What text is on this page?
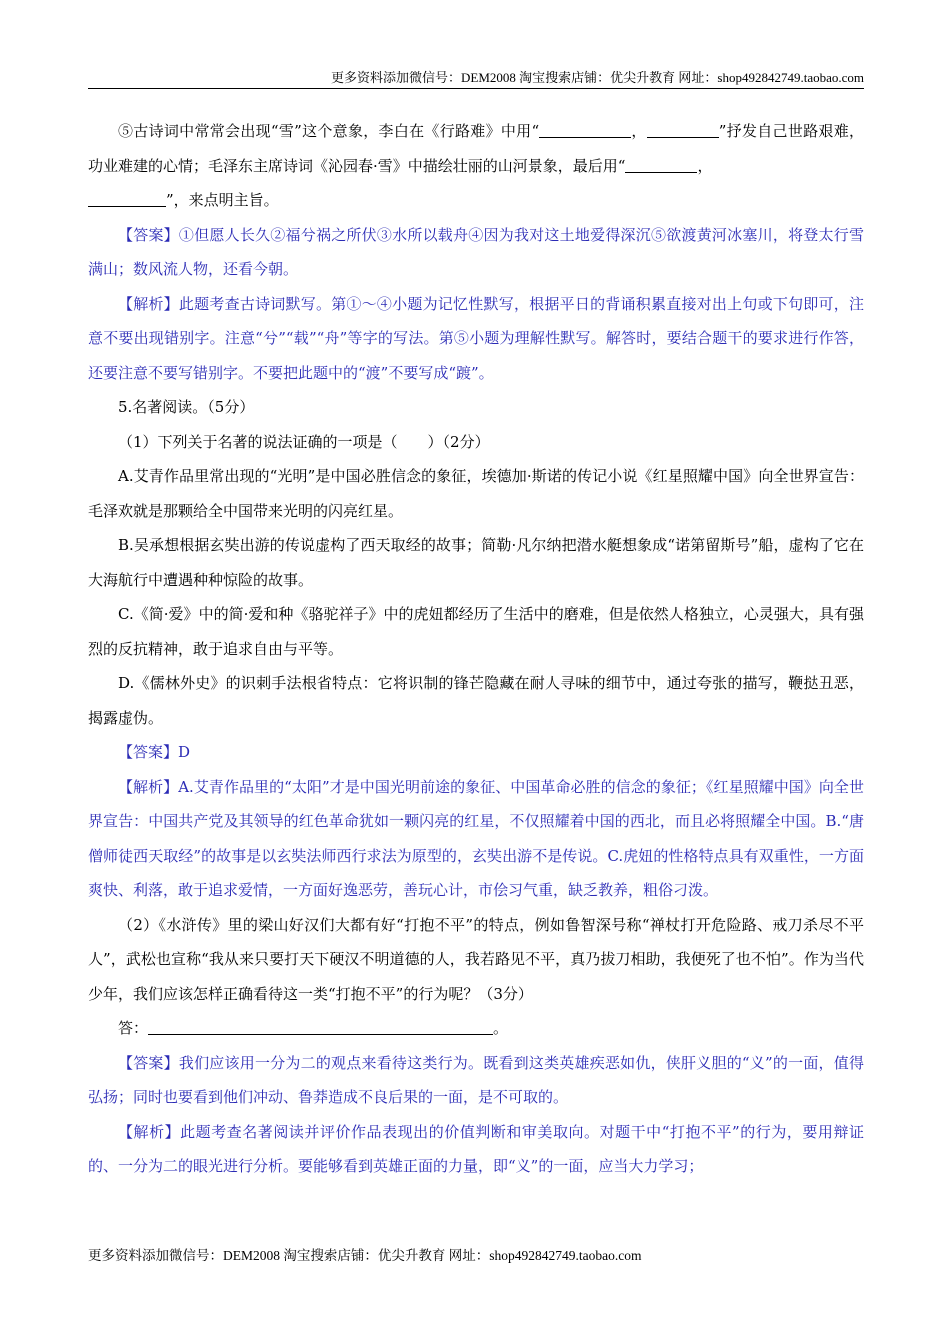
更多资料添加微信号：DEM2008 淘宝搜索店铺：优尖升教育 网址：shop492842749.taobao.com

⑤古诗词中常常会出现“雪”这个意象，李白在《行路难》中用“	，	”抒发自己世路艰难，功业难建的心情；毛泽东主席诗词《沁园春·雪》中描绘壮丽的山河景象，最后用“	，
”，来点明主旨。

【答案】①但愿人长久②福兮祸之所伏③水所以载舟④因为我对这土地爱得深沉⑤欲渡黄河冰塞川，将登太行雪满山；数风流人物，还看今朝。

【解析】此题考查古诗词默写。第①～④小题为记忆性默写，根据平日的背诵积累直接对出上句或下句即可，注意不要出现错别字。注意“兮”“载”“舟”等字的写法。第⑤小题为理解性默写。解答时，要结合题干的要求进行作答，还要注意不要写错别字。不要把此题中的“渡”不要写成“踱”。

5.名著阅读。（5分）

（1）下列关于名著的说法证确的一项是（　　）（2分）

A.艾青作品里常出现的“光明”是中国必胜信念的象征，埃德加·斯诺的传记小说《红星照耀中国》向全世界宣告：毛泽欢就是那颗给全中国带来光明的闪亮红星。

B.吴承想根据玄奘出游的传说虚构了西天取经的故事；简勒·凡尔纳把潜水艇想象成“诺第留斯号”船，虚构了它在大海航行中遭遇种种惊险的故事。

C.《简·爱》中的简·爱和种《骆驼祥子》中的虎妞都经历了生活中的磨难，但是依然人格独立，心灵强大，具有强烈的反抗精神，敢于追求自由与平等。

D.《儒林外史》的识刺手法根省特点：它将识制的锋芒隐藏在耐人寻味的细节中，通过夸张的描写，鞭挞丑恶，揭露虚伪。

【答案】D

【解析】A.艾青作品里的“太阳”才是中国光明前途的象征、中国革命必胜的信念的象征；《红星照耀中国》向全世界宣告：中国共产党及其领导的红色革命犹如一颗闪亮的红星，不仅照耀着中国的西北，而且必将照耀全中国。B.“唐僧师徒西天取经”的故事是以玄奘法师西行求法为原型的，玄奘出游不是传说。C.虎妞的性格特点具有双重性，一方面爽快、利落，敢于追求爱情，一方面好逸恶劳，善玩心计，市侩习气重，缺乏教养，粗俗刁泼。

（2）《水浒传》里的梁山好汉们大都有好“打抱不平”的特点，例如鲁智深号称“禅杖打开危险路、戒刀杀尽不平人”，武松也宣称“我从来只要打天下硬汉不明道德的人，我若路见不平，真乃拔刀相助，我便死了也不怕”。作为当代少年，我们应该怎样正确看待这一类“打抱不平”的行为呢？（3分）

答：	。

【答案】我们应该用一分为二的观点来看待这类行为。既看到这类英雄疾恶如仇，侠肝义胆的“义”的一面，值得弘扬；同时也要看到他们冲动、鲁莽造成不良后果的一面，是不可取的。

【解析】此题考查名著阅读并评价作品表现出的价值判断和审美取向。对题干中“打抱不平”的行为，要用辩证的、一分为二的眼光进行分析。要能够看到英雄正面的力量，即“义”的一面，应当大力学习；

更多资料添加微信号：DEM2008 淘宝搜索店铺：优尖升教育 网址：shop492842749.taobao.com
